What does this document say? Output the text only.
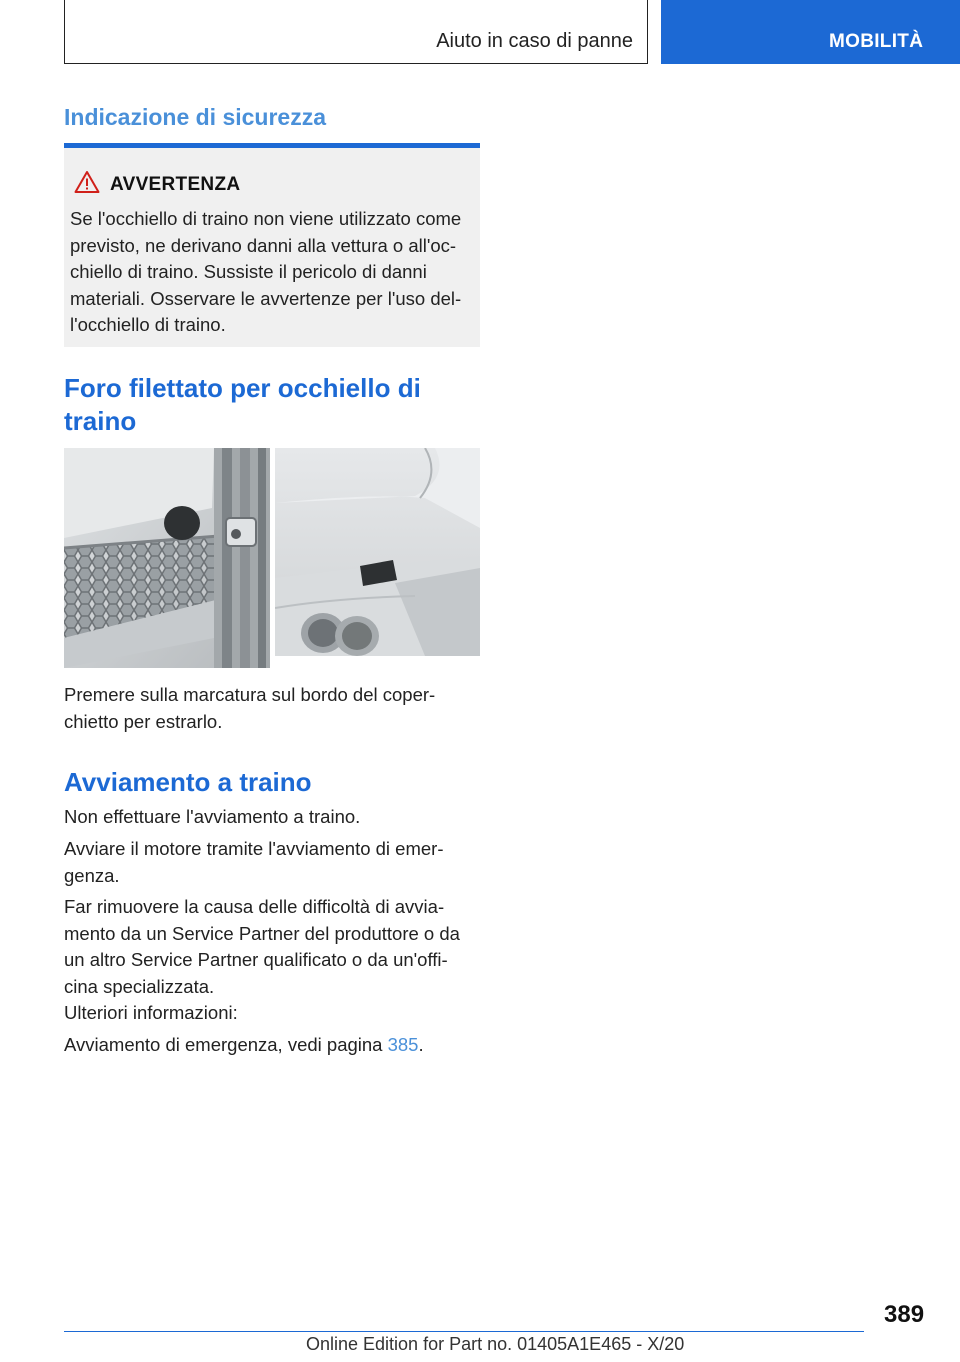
Aiuto in caso di panne	MOBILITÀ
Indicazione di sicurezza
AVVERTENZA
Se l'occhiello di traino non viene utilizzato come
previsto, ne derivano danni alla vettura o all'oc‐
chiello di traino. Sussiste il pericolo di danni
materiali. Osservare le avvertenze per l'uso del‐
l'occhiello di traino.
Foro filettato per occhiello di
traino
Premere sulla marcatura sul bordo del coper‐
chietto per estrarlo.
Avviamento a traino
Non effettuare l'avviamento a traino.
Avviare il motore tramite l'avviamento di emer‐
genza.
Far rimuovere la causa delle difficoltà di avvia‐
mento da un Service Partner del produttore o da
un altro Service Partner qualificato o da un'offi‐
cina specializzata.
Ulteriori informazioni:
Avviamento di emergenza, vedi pagina 385.
389
Online Edition for Part no. 01405A1E465 - X/20
